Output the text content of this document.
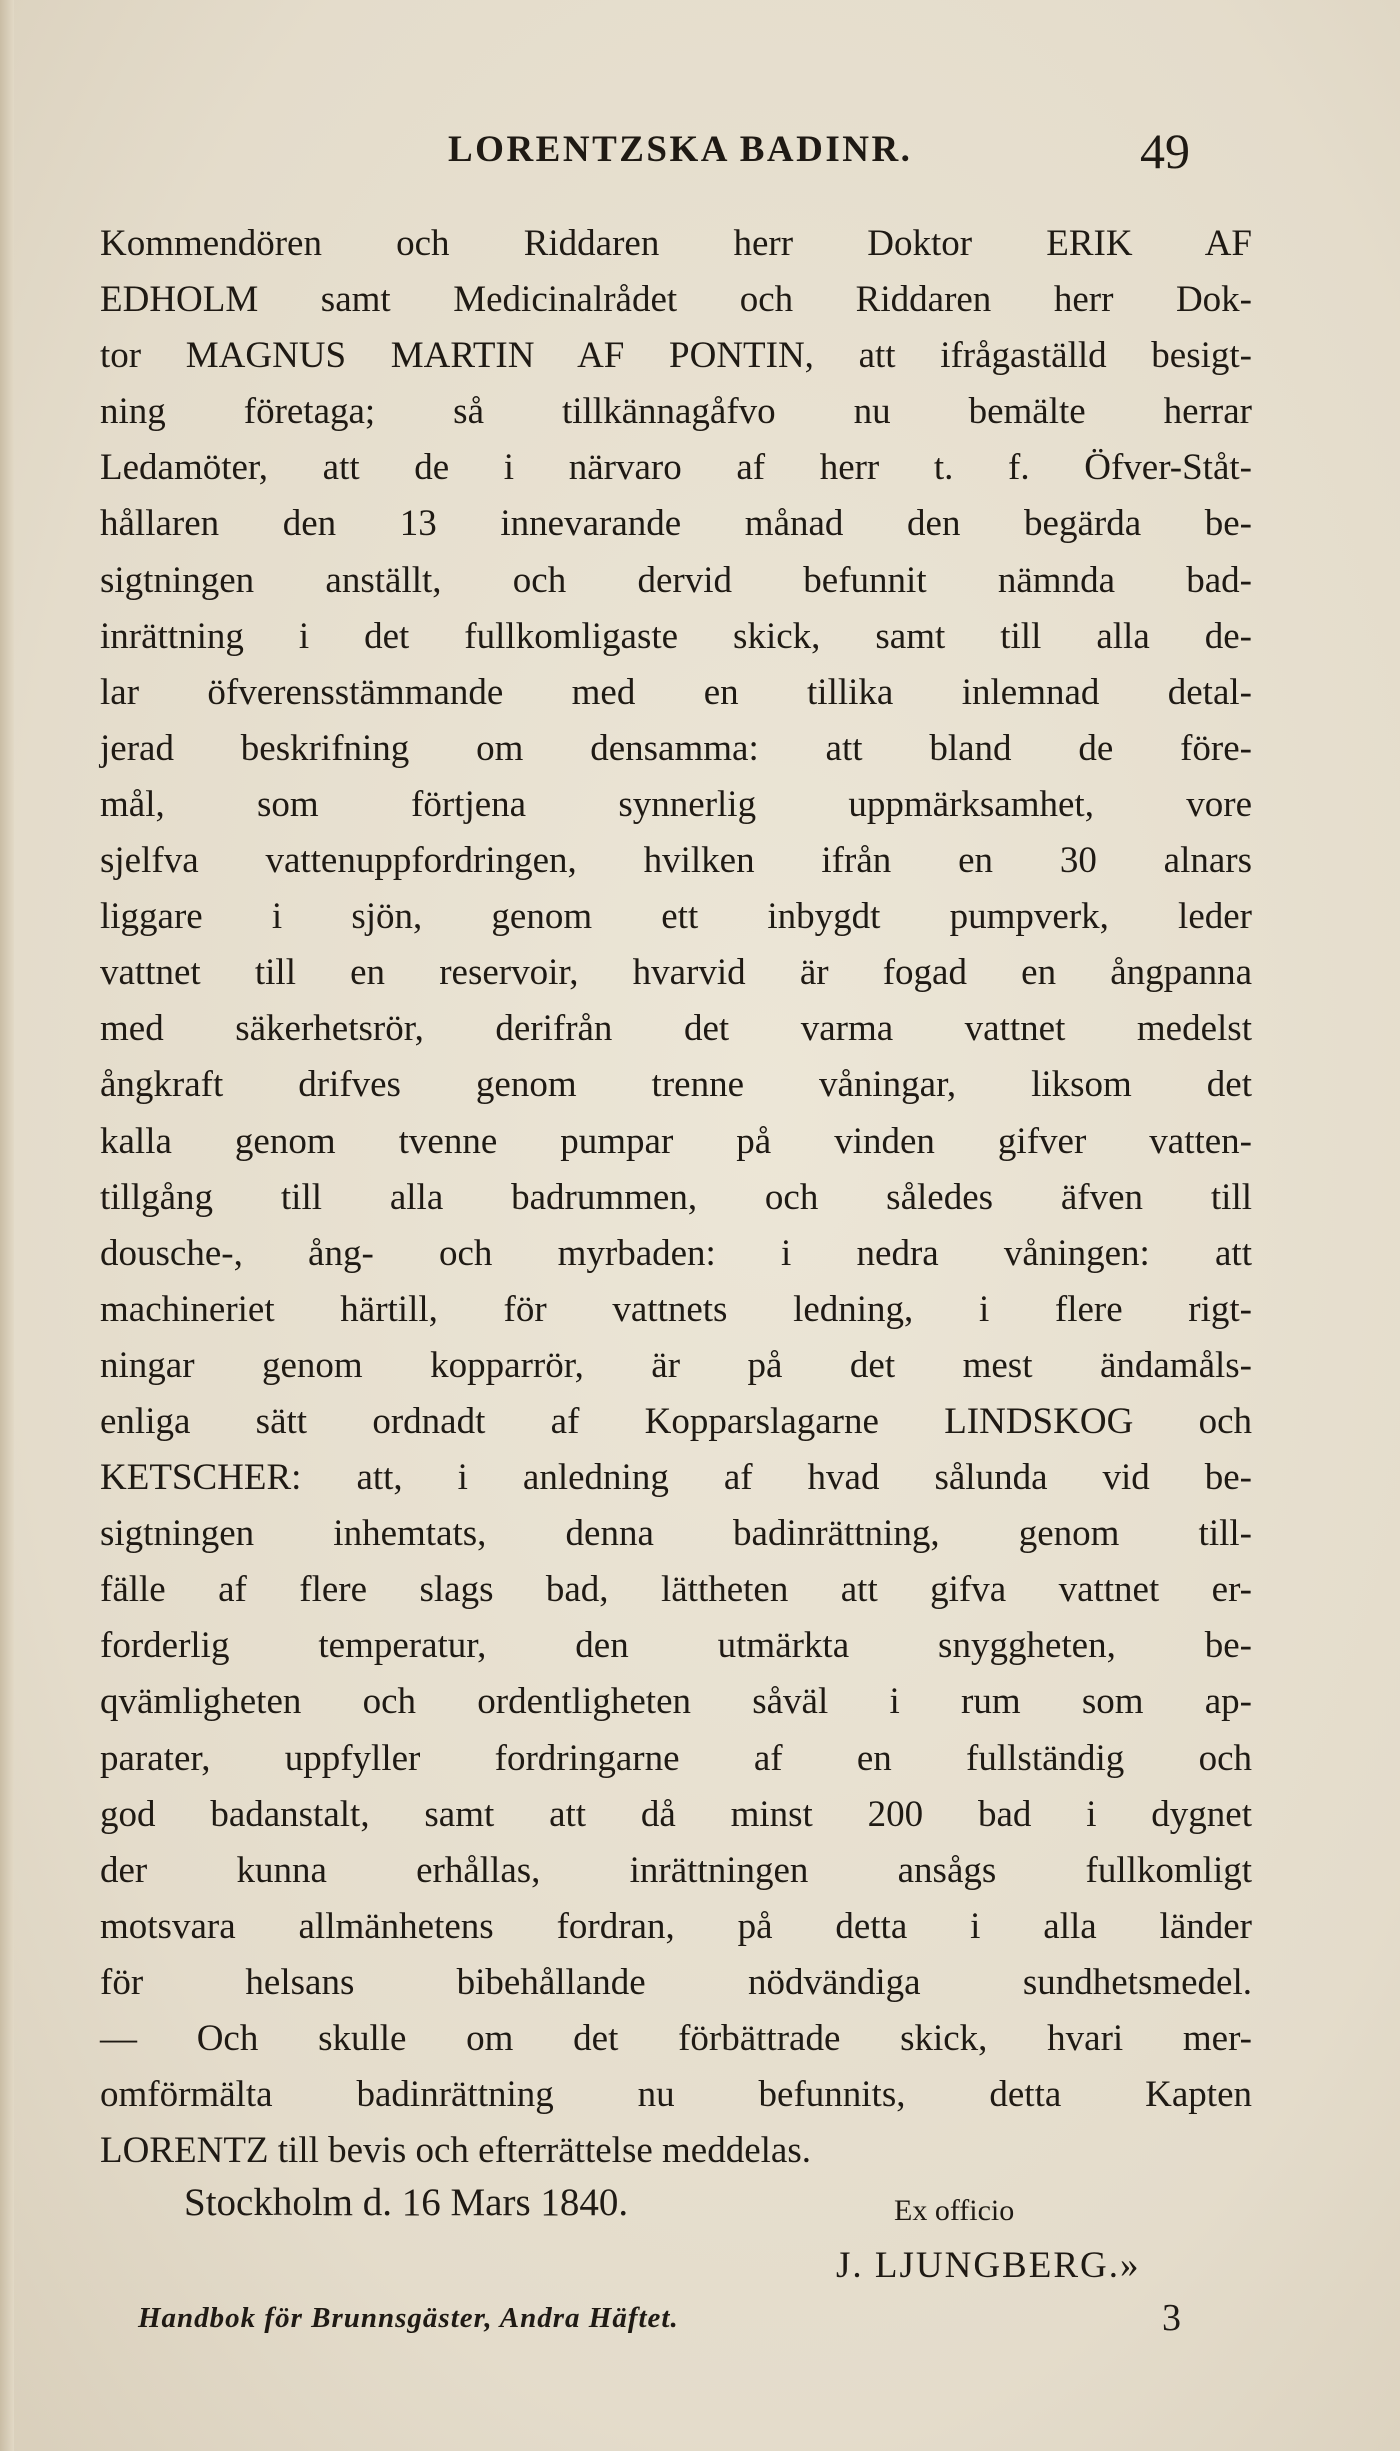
LORENTZSKA BADINR.	49
Kommendören och Riddaren herr Doktor ERIK AF
EDHOLM samt Medicinalrådet och Riddaren herr Dok-
tor MAGNUS MARTIN AF PONTIN, att ifrågaställd besigt-
ning företaga; så tillkännagåfvo nu bemälte herrar
Ledamöter, att de i närvaro af herr t. f. Öfver-Ståt-
hållaren den 13 innevarande månad den begärda be-
sigtningen anställt, och dervid befunnit nämnda bad-
inrättning i det fullkomligaste skick, samt till alla de-
lar öfverensstämmande med en tillika inlemnad detal-
jerad beskrifning om densamma: att bland de före-
mål, som förtjena synnerlig uppmärksamhet, vore
sjelfva vattenuppfordringen, hvilken ifrån en 30 alnars
liggare i sjön, genom ett inbygdt pumpverk, leder
vattnet till en reservoir, hvarvid är fogad en ångpanna
med säkerhetsrör, derifrån det varma vattnet medelst
ångkraft drifves genom trenne våningar, liksom det
kalla genom tvenne pumpar på vinden gifver vatten-
tillgång till alla badrummen, och således äfven till
dousche-, ång- och myrbaden: i nedra våningen: att
machineriet härtill, för vattnets ledning, i flere rigt-
ningar genom kopparrör, är på det mest ändamåls-
enliga sätt ordnadt af Kopparslagarne LINDSKOG och
KETSCHER: att, i anledning af hvad sålunda vid be-
sigtningen inhemtats, denna badinrättning, genom till-
fälle af flere slags bad, lättheten att gifva vattnet er-
forderlig temperatur, den utmärkta snyggheten, be-
qvämligheten och ordentligheten såväl i rum som ap-
parater, uppfyller fordringarne af en fullständig och
god badanstalt, samt att då minst 200 bad i dygnet
der kunna erhållas, inrättningen ansågs fullkomligt
motsvara allmänhetens fordran, på detta i alla länder
för helsans bibehållande nödvändiga sundhetsmedel.
— Och skulle om det förbättrade skick, hvari mer-
omförmälta badinrättning nu befunnits, detta Kapten
LORENTZ till bevis och efterrättelse meddelas.
Stockholm d. 16 Mars 1840.	Ex officio
J. LJUNGBERG.»
Handbok för Brunnsgäster, Andra Häftet.	3
